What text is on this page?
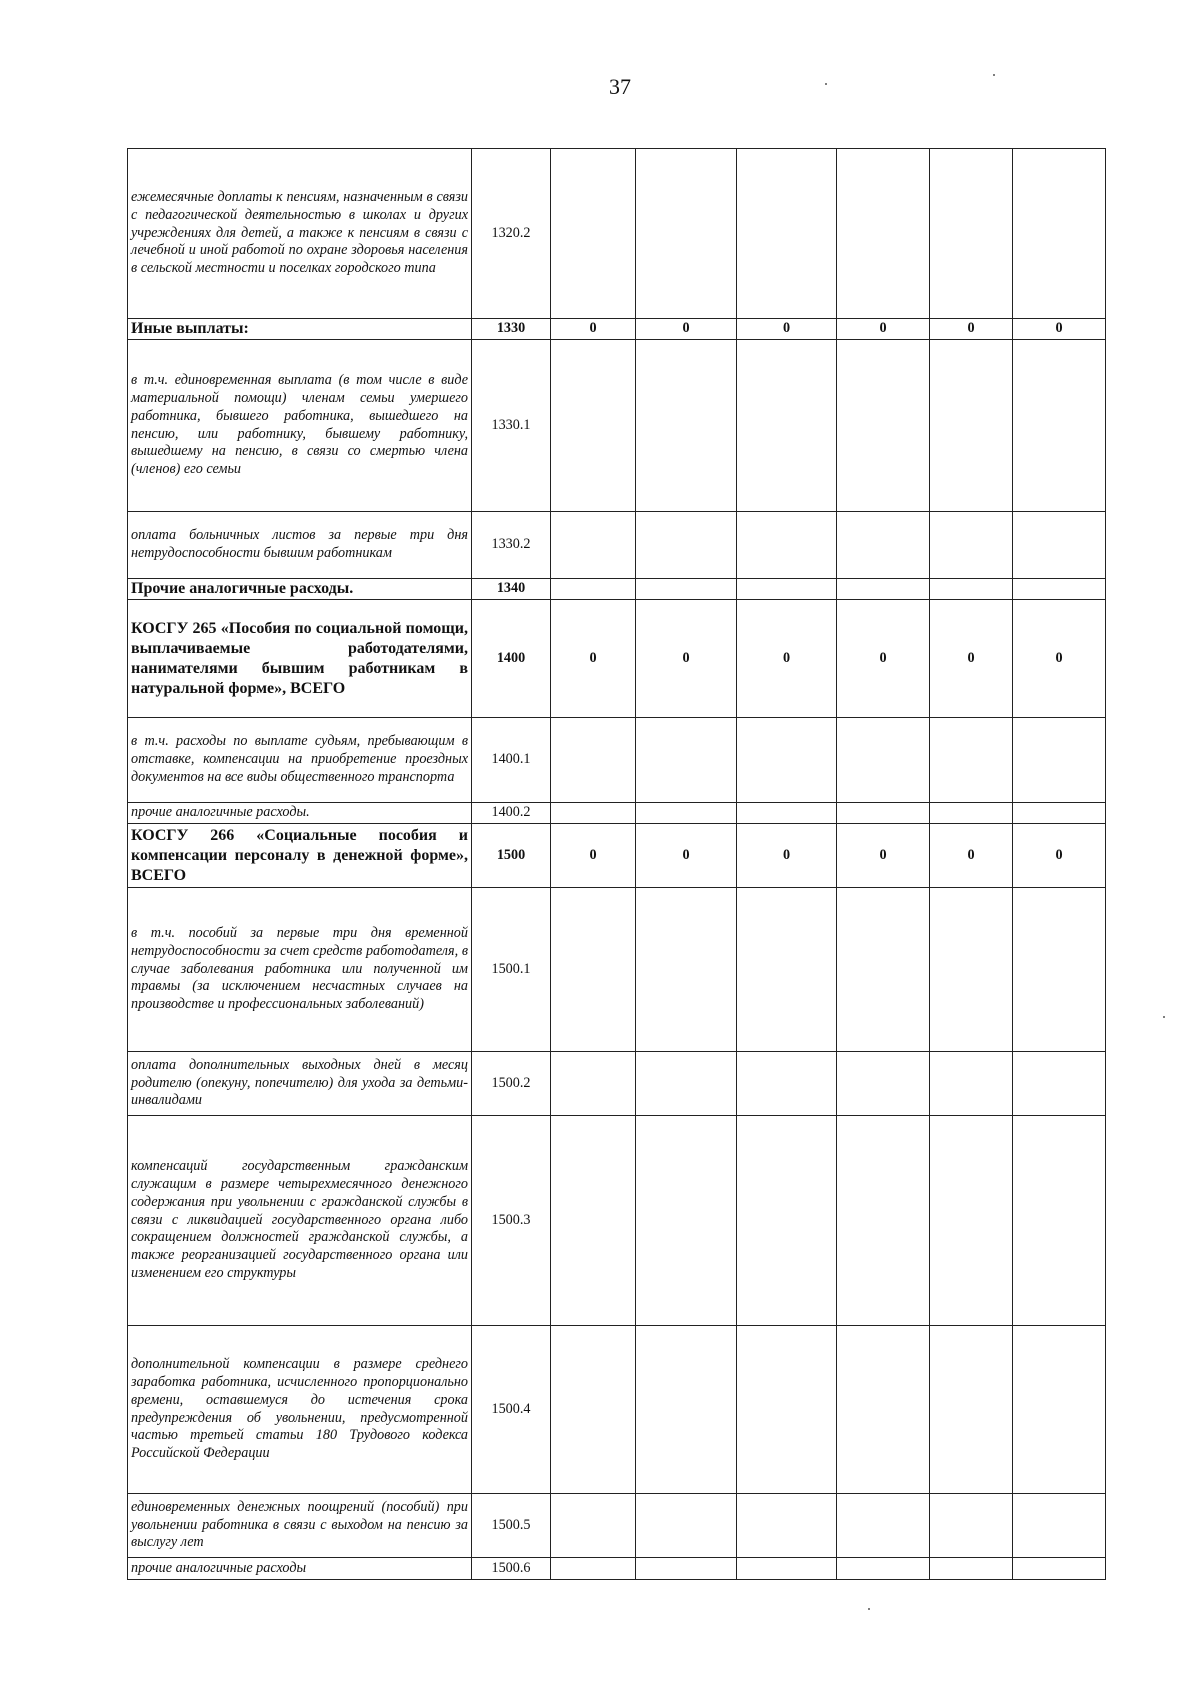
37
ежемесячные доплаты к пенсиям, назначенным в связи с педагогической деятельностью в школах и других учреждениях для детей, а также к пенсиям в связи с лечебной и иной работой по охране здоровья населения в сельской местности и поселках городского типа	1320.2						
Иные выплаты:	1330	0	0	0	0	0	0
в т.ч. единовременная выплата (в том числе в виде материальной помощи) членам семьи умершего работника, бывшего работника, вышедшего на пенсию, или работнику, бывшему работнику, вышедшему на пенсию, в связи со смертью члена (членов) его семьи	1330.1						
оплата больничных листов за первые три дня нетрудоспособности бывшим работникам	1330.2						
Прочие аналогичные расходы.	1340						
КОСГУ 265 «Пособия по социальной помощи, выплачиваемые работодателями, нанимателями бывшим работникам в натуральной форме», ВСЕГО	1400	0	0	0	0	0	0
в т.ч. расходы по выплате судьям, пребывающим в отставке, компенсации на приобретение проездных документов на все виды общественного транспорта	1400.1						
прочие аналогичные расходы.	1400.2						
КОСГУ 266 «Социальные пособия и компенсации персоналу в денежной форме», ВСЕГО	1500	0	0	0	0	0	0
в т.ч. пособий за первые три дня временной нетрудоспособности за счет средств работодателя, в случае заболевания работника или полученной им травмы (за исключением несчастных случаев на производстве и профессиональных заболеваний)	1500.1						
оплата дополнительных выходных дней в месяц родителю (опекуну, попечителю) для ухода за детьми-инвалидами	1500.2						
компенсаций государственным гражданским служащим в размере четырехмесячного денежного содержания при увольнении с гражданской службы в связи с ликвидацией государственного органа либо сокращением должностей гражданской службы, а также реорганизацией государственного органа или изменением его структуры	1500.3						
дополнительной компенсации в размере среднего заработка работника, исчисленного пропорционально времени, оставшемуся до истечения срока предупреждения об увольнении, предусмотренной частью третьей статьи 180 Трудового кодекса Российской Федерации	1500.4						
единовременных денежных поощрений (пособий) при увольнении работника в связи с выходом на пенсию за выслугу лет	1500.5						
прочие аналогичные расходы	1500.6						
